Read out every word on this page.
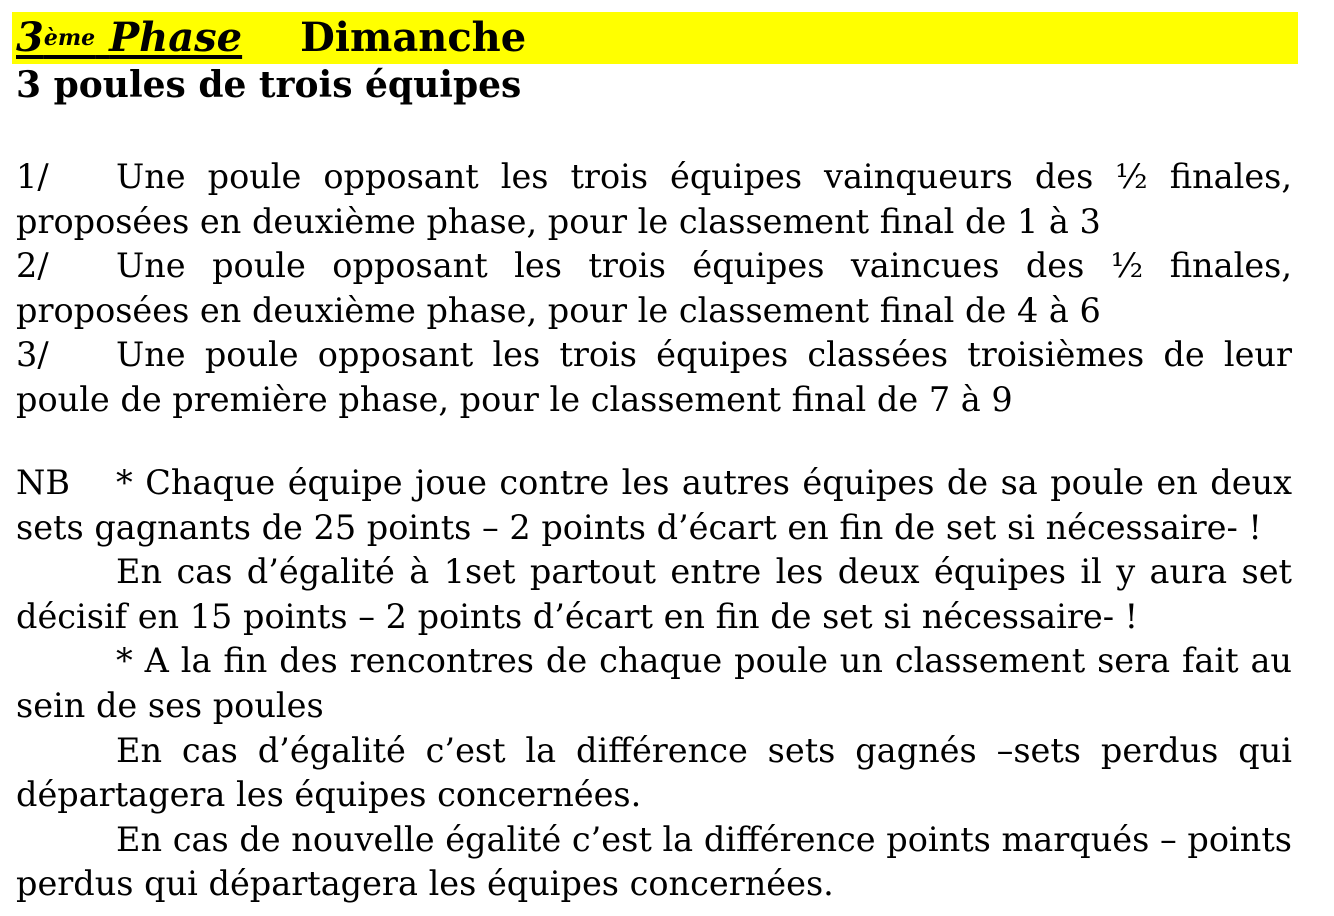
3ème Phase Dimanche
3 poules de trois équipes

1/ Une poule opposant les trois équipes vainqueurs des ½ finales, proposées en deuxième phase, pour le classement final de 1 à 3

2/ Une poule opposant les trois équipes vaincues des ½ finales, proposées en deuxième phase, pour le classement final de 4 à 6

3/ Une poule opposant les trois équipes classées troisièmes de leur poule de première phase, pour le classement final de 7 à 9

NB * Chaque équipe joue contre les autres équipes de sa poule en deux sets gagnants de 25 points – 2 points d’écart en fin de set si nécessaire- !

En cas d’égalité à 1set partout entre les deux équipes il y aura set décisif en 15 points – 2 points d’écart en fin de set si nécessaire- !

* A la fin des rencontres de chaque poule un classement sera fait au sein de ses poules

En cas d’égalité c’est la différence sets gagnés –sets perdus qui départagera les équipes concernées.

En cas de nouvelle égalité c’est la différence points marqués – points perdus qui départagera les équipes concernées.
